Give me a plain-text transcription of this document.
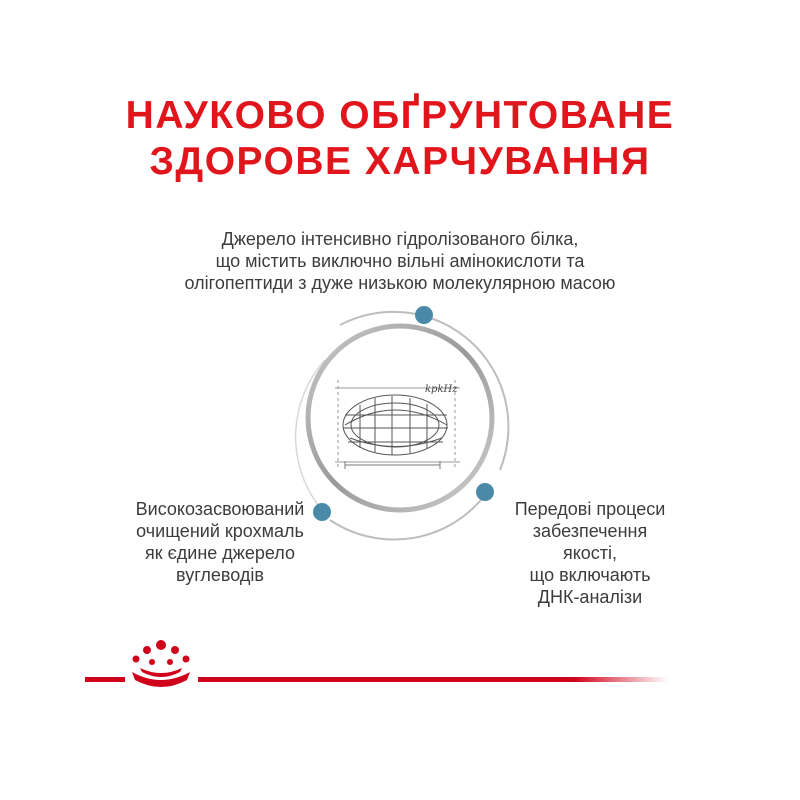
НАУКОВО ОБҐРУНТОВАНЕ
ЗДОРОВЕ ХАРЧУВАННЯ
Джерело інтенсивно гідролізованого білка,
що містить виключно вільні амінокислоти та
олігопептиди з дуже низькою молекулярною масою
kpkHz
Високозасвоюваний
очищений крохмаль
як єдине джерело
вуглеводів
Передові процеси
забезпечення
якості,
що включають
ДНК-аналізи
